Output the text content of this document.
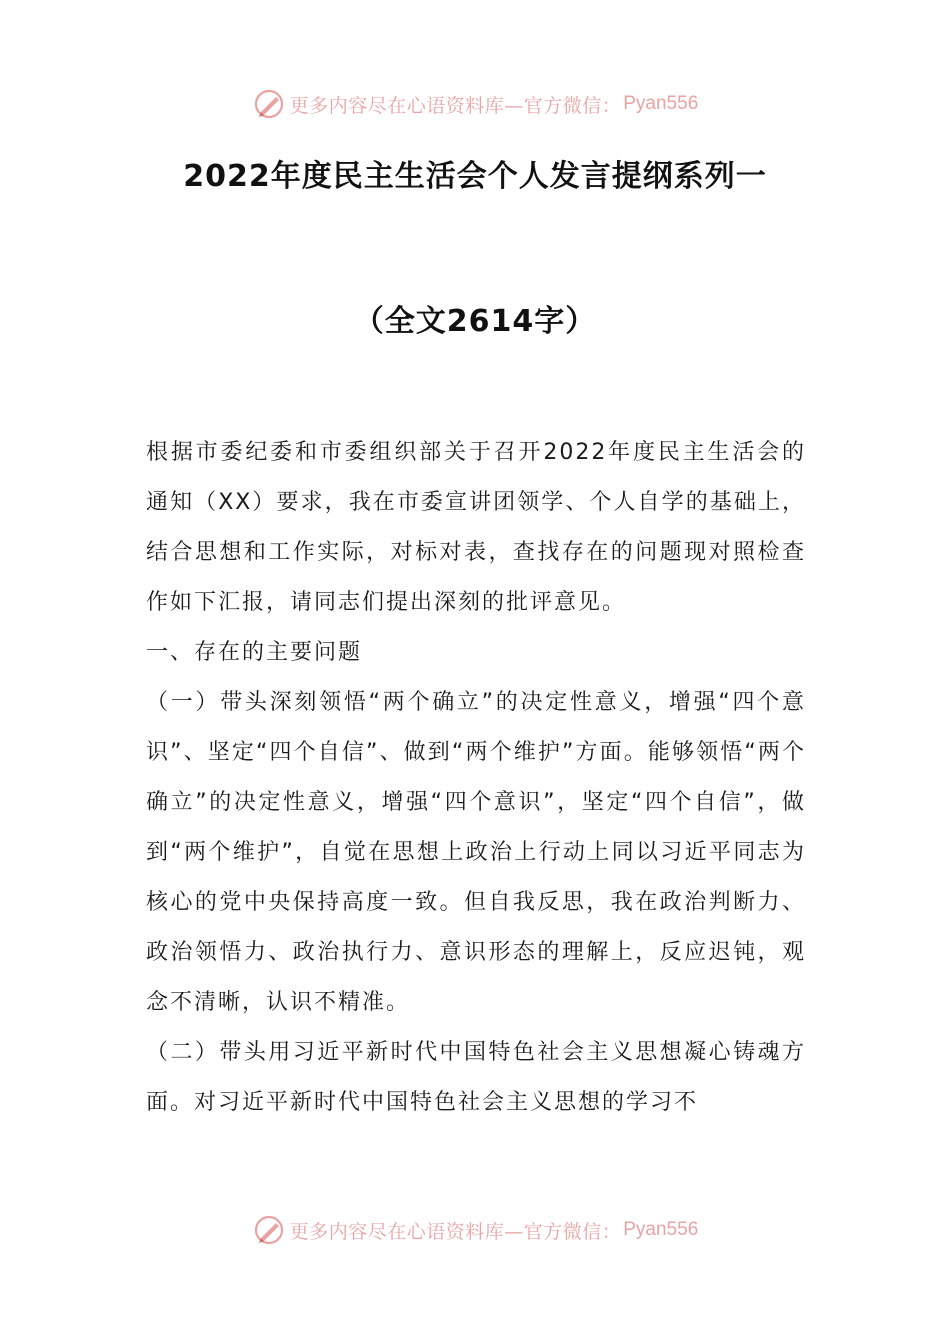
更多内容尽在心语资料库—官方微信： Pyan556
2022年度民主生活会个人发言提纲系列一
（全文2614字）

根据市委纪委和市委组织部关于召开2022年度民主生活会的通知（XX）要求，我在市委宣讲团领学、个人自学的基础上，结合思想和工作实际，对标对表，查找存在的问题现对照检查作如下汇报，请同志们提出深刻的批评意见。

一、存在的主要问题

（一）带头深刻领悟“两个确立”的决定性意义，增强“四个意识”、坚定“四个自信”、做到“两个维护”方面。能够领悟“两个确立”的决定性意义，增强“四个意识”，坚定“四个自信”，做到“两个维护”，自觉在思想上政治上行动上同以习近平同志为核心的党中央保持高度一致。但自我反思，我在政治判断力、政治领悟力、政治执行力、意识形态的理解上，反应迟钝，观念不清晰，认识不精准。

（二）带头用习近平新时代中国特色社会主义思想凝心铸魂方面。对习近平新时代中国特色社会主义思想的学习不

更多内容尽在心语资料库—官方微信： Pyan556
